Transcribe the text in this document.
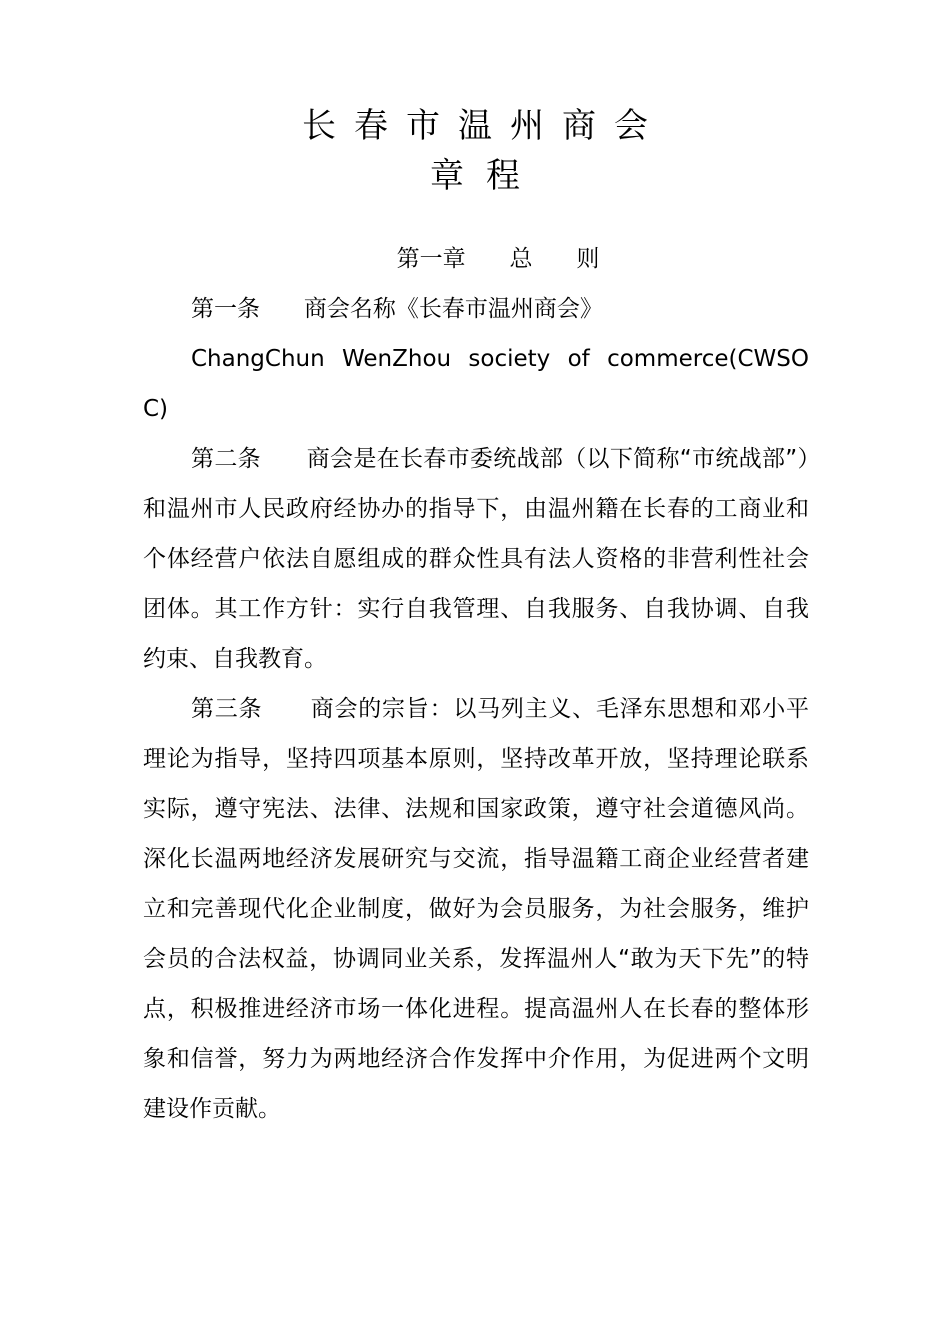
长春市温州商会
章程
第一章 总 则
第一条 商会名称《长春市温州商会》
ChangChun WenZhou society of commerce(CWSOC)
第二条 商会是在长春市委统战部（以下简称“市统战部”）和温州市人民政府经协办的指导下，由温州籍在长春的工商业和个体经营户依法自愿组成的群众性具有法人资格的非营利性社会团体。其工作方针：实行自我管理、自我服务、自我协调、自我约束、自我教育。
第三条 商会的宗旨：以马列主义、毛泽东思想和邓小平理论为指导，坚持四项基本原则，坚持改革开放，坚持理论联系实际，遵守宪法、法律、法规和国家政策，遵守社会道德风尚。深化长温两地经济发展研究与交流，指导温籍工商企业经营者建立和完善现代化企业制度，做好为会员服务，为社会服务，维护会员的合法权益，协调同业关系，发挥温州人“敢为天下先”的特点，积极推进经济市场一体化进程。提高温州人在长春的整体形象和信誉，努力为两地经济合作发挥中介作用，为促进两个文明建设作贡献。
